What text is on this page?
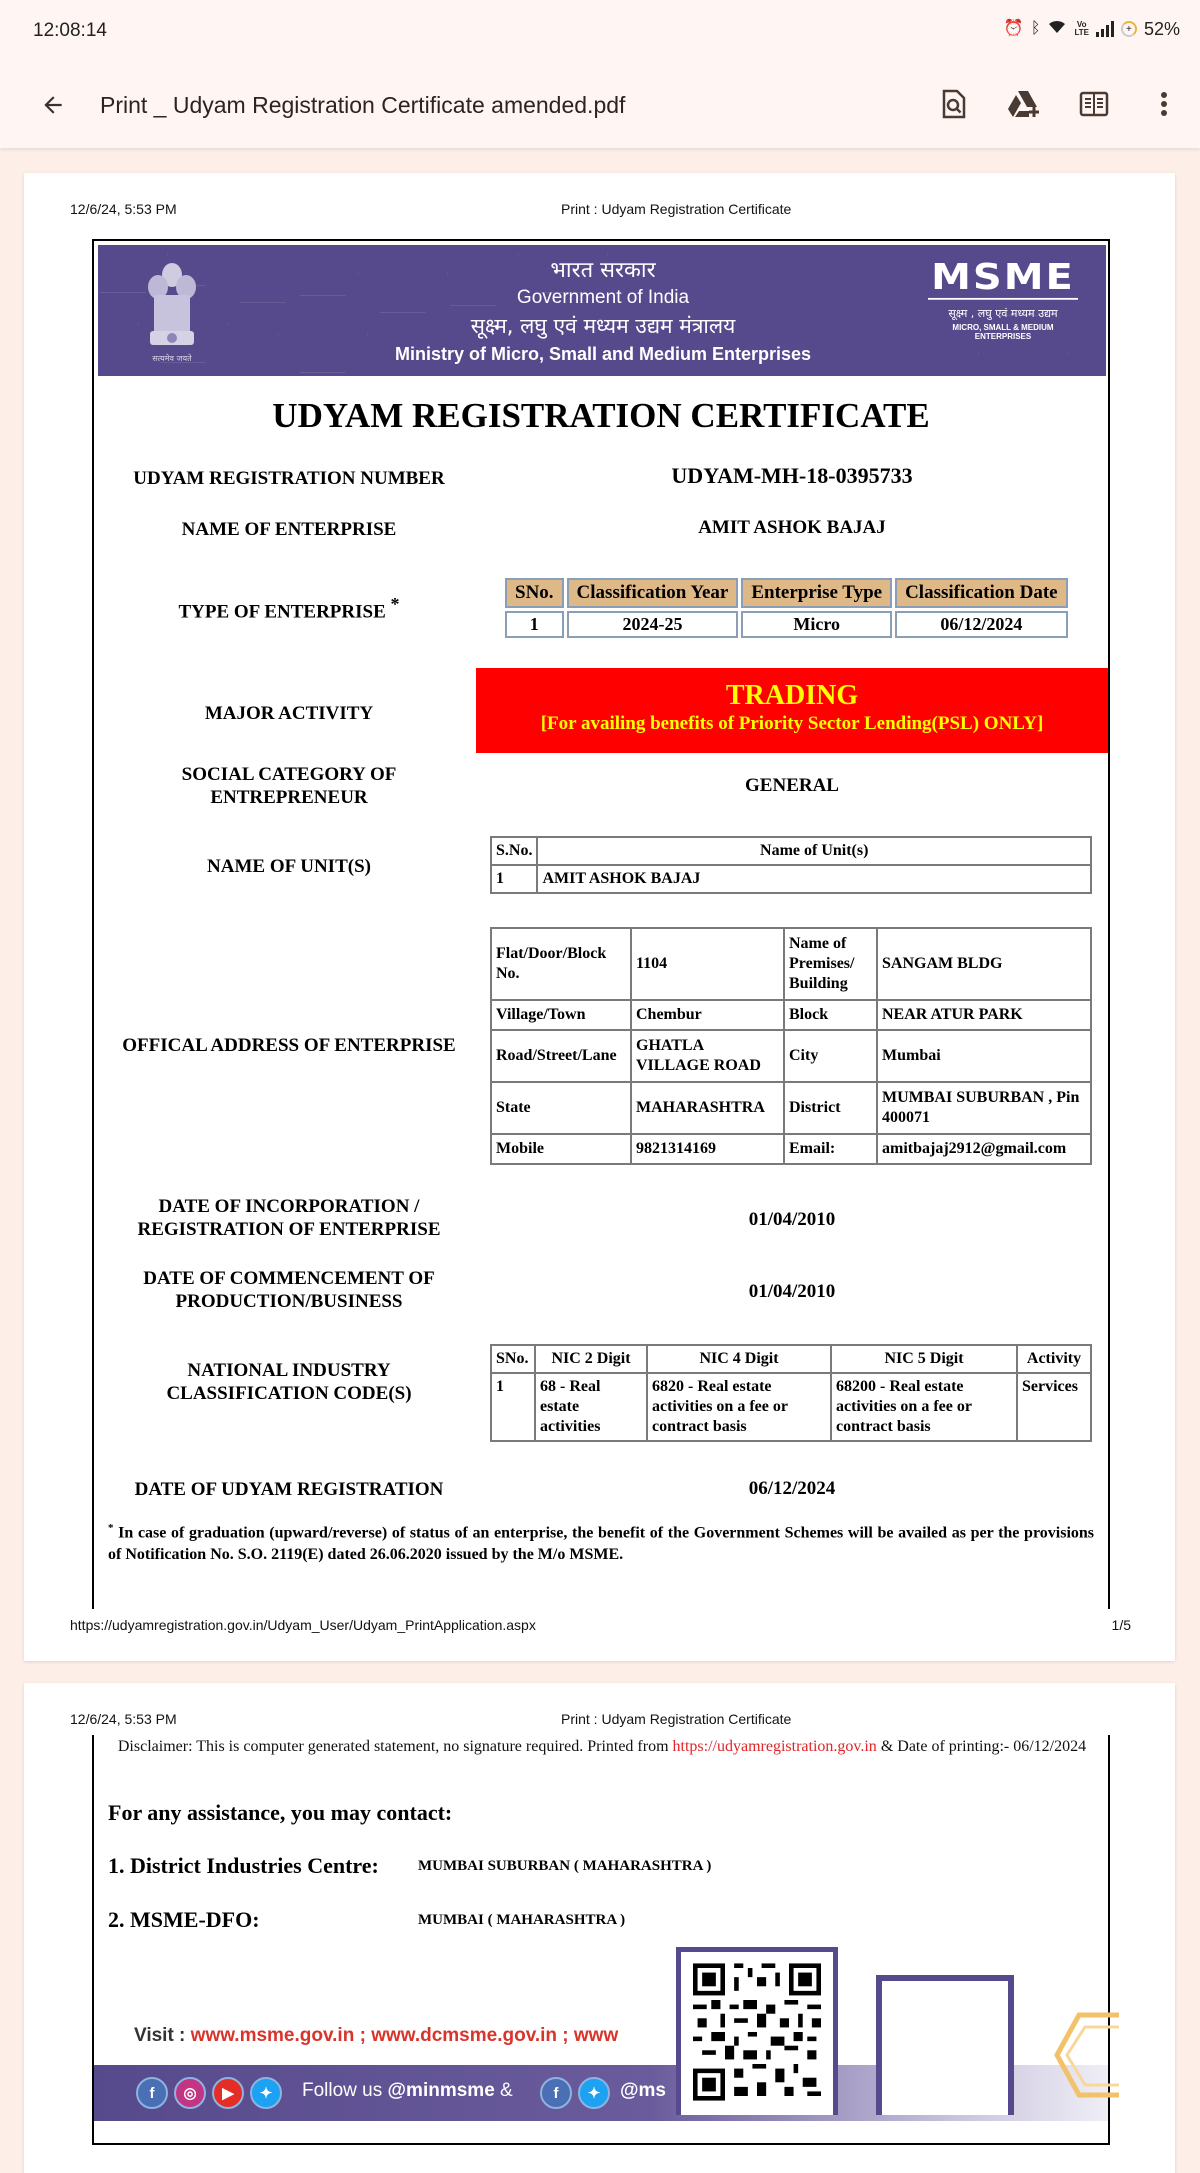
12:08:14	⏰ ᛒ	Vo
LTE	+ 52%
Print _ Udyam Registration Certificate amended.pdf
12/6/24, 5:53 PM	Print : Udyam Registration Certificate
सत्यमेव जयते
भारत सरकार
Government of India
सूक्ष्म, लघु एवं मध्यम उद्यम मंत्रालय
Ministry of Micro, Small and Medium Enterprises
MSME
सूक्ष्म , लघु एवं मध्यम उद्यम
MICRO, SMALL & MEDIUM ENTERPRISES
UDYAM REGISTRATION CERTIFICATE
UDYAM REGISTRATION NUMBER	UDYAM-MH-18-0395733
NAME OF ENTERPRISE	AMIT ASHOK BAJAJ
TYPE OF ENTERPRISE *
SNo.	Classification Year	Enterprise Type	Classification Date
1	2024-25	Micro	06/12/2024
MAJOR ACTIVITY
TRADING
[For availing benefits of Priority Sector Lending(PSL) ONLY]
SOCIAL CATEGORY OF ENTREPRENEUR
GENERAL
NAME OF UNIT(S)
S.No.	Name of Unit(s)
1	AMIT ASHOK BAJAJ
OFFICAL ADDRESS OF ENTERPRISE
Flat/Door/Block No.	1104	Name of Premises/ Building	SANGAM BLDG
Village/Town	Chembur	Block	NEAR ATUR PARK
Road/Street/Lane	GHATLA VILLAGE ROAD	City	Mumbai
State	MAHARASHTRA	District	MUMBAI SUBURBAN , Pin 400071
Mobile	9821314169	Email:	amitbajaj2912@gmail.com
DATE OF INCORPORATION / REGISTRATION OF ENTERPRISE	01/04/2010
DATE OF COMMENCEMENT OF PRODUCTION/BUSINESS	01/04/2010
NATIONAL INDUSTRY CLASSIFICATION CODE(S)
SNo.	NIC 2 Digit	NIC 4 Digit	NIC 5 Digit	Activity
1	68 - Real estate activities	6820 - Real estate activities on a fee or contract basis	68200 - Real estate activities on a fee or contract basis	Services
DATE OF UDYAM REGISTRATION	06/12/2024
* In case of graduation (upward/reverse) of status of an enterprise, the benefit of the Government Schemes will be availed as per the provisions of Notification No. S.O. 2119(E) dated 26.06.2020 issued by the M/o MSME.
https://udyamregistration.gov.in/Udyam_User/Udyam_PrintApplication.aspx	1/5
12/6/24, 5:53 PM	Print : Udyam Registration Certificate
Disclaimer: This is computer generated statement, no signature required. Printed from https://udyamregistration.gov.in & Date of printing:- 06/12/2024
For any assistance, you may contact:
1. District Industries Centre:	MUMBAI SUBURBAN ( MAHARASHTRA )
2. MSME-DFO:	MUMBAI ( MAHARASHTRA )
Visit : www.msme.gov.in ; www.dcmsme.gov.in ; www
f	◎	▶	✦	Follow us @minmsme &	f	✦	@ms
